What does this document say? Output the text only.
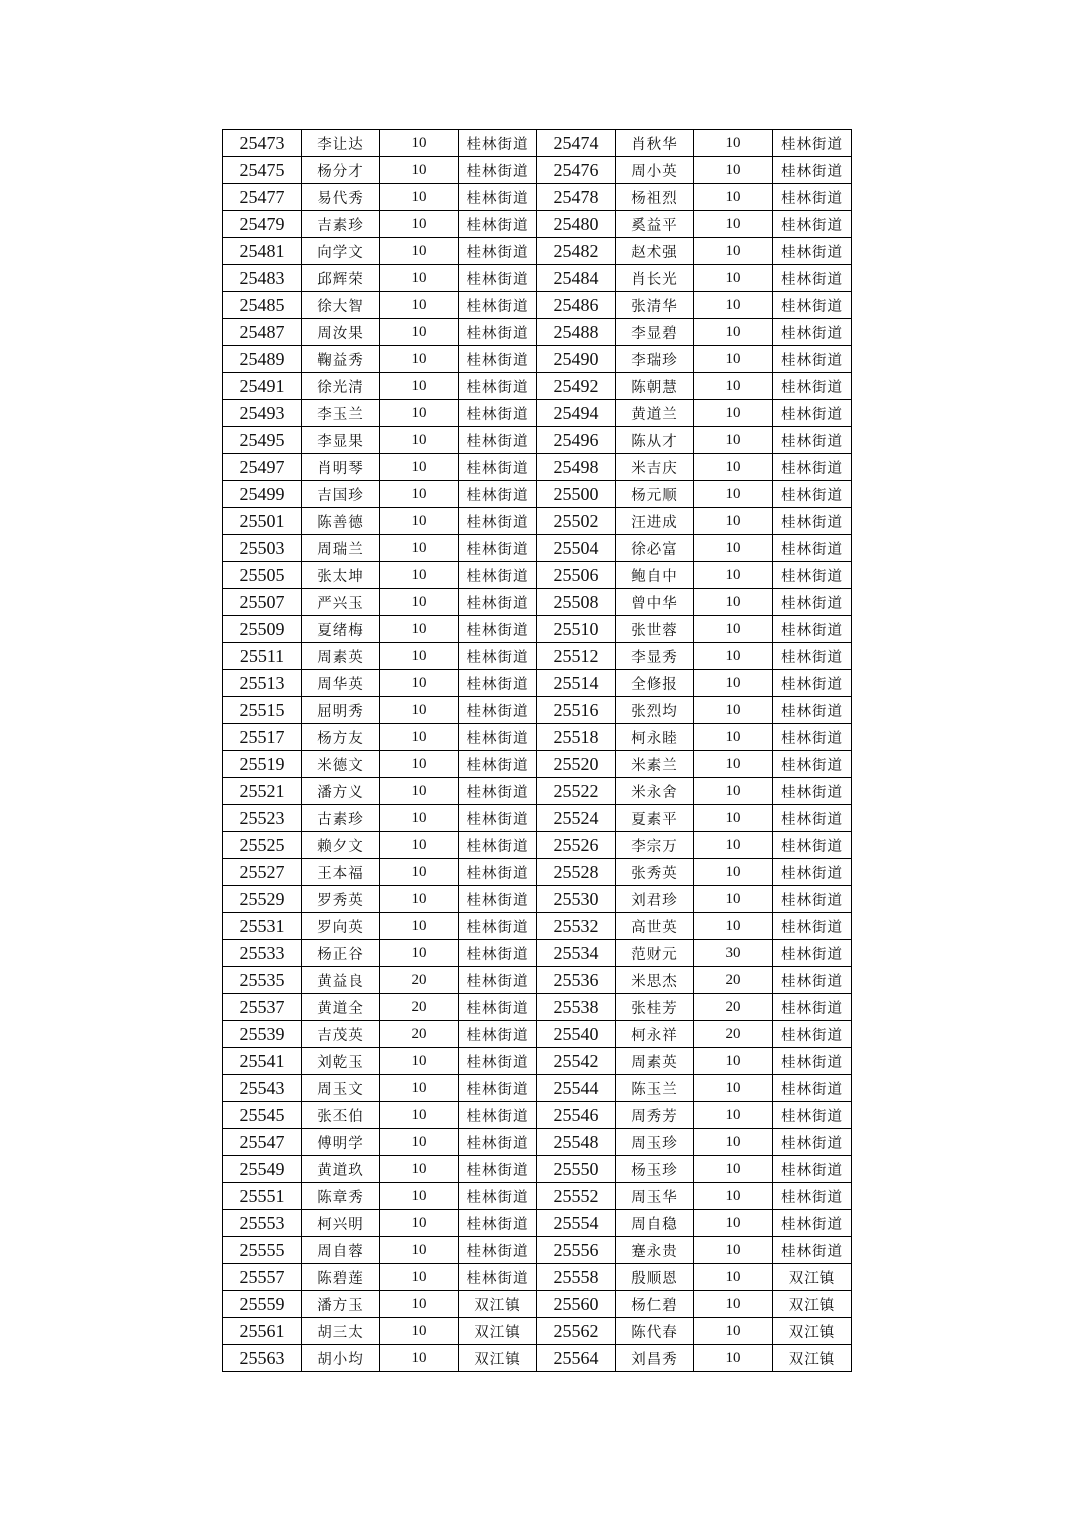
25473	李让达	10	桂林街道	25474	肖秋华	10	桂林街道
25475	杨分才	10	桂林街道	25476	周小英	10	桂林街道
25477	易代秀	10	桂林街道	25478	杨祖烈	10	桂林街道
25479	吉素珍	10	桂林街道	25480	奚益平	10	桂林街道
25481	向学文	10	桂林街道	25482	赵术强	10	桂林街道
25483	邱辉荣	10	桂林街道	25484	肖长光	10	桂林街道
25485	徐大智	10	桂林街道	25486	张清华	10	桂林街道
25487	周汝果	10	桂林街道	25488	李显碧	10	桂林街道
25489	鞠益秀	10	桂林街道	25490	李瑞珍	10	桂林街道
25491	徐光清	10	桂林街道	25492	陈朝慧	10	桂林街道
25493	李玉兰	10	桂林街道	25494	黄道兰	10	桂林街道
25495	李显果	10	桂林街道	25496	陈从才	10	桂林街道
25497	肖明琴	10	桂林街道	25498	米吉庆	10	桂林街道
25499	吉国珍	10	桂林街道	25500	杨元顺	10	桂林街道
25501	陈善德	10	桂林街道	25502	汪进成	10	桂林街道
25503	周瑞兰	10	桂林街道	25504	徐必富	10	桂林街道
25505	张太坤	10	桂林街道	25506	鲍自中	10	桂林街道
25507	严兴玉	10	桂林街道	25508	曾中华	10	桂林街道
25509	夏绪梅	10	桂林街道	25510	张世蓉	10	桂林街道
25511	周素英	10	桂林街道	25512	李显秀	10	桂林街道
25513	周华英	10	桂林街道	25514	全修报	10	桂林街道
25515	屈明秀	10	桂林街道	25516	张烈均	10	桂林街道
25517	杨方友	10	桂林街道	25518	柯永睦	10	桂林街道
25519	米德文	10	桂林街道	25520	米素兰	10	桂林街道
25521	潘方义	10	桂林街道	25522	米永舍	10	桂林街道
25523	古素珍	10	桂林街道	25524	夏素平	10	桂林街道
25525	赖夕文	10	桂林街道	25526	李宗万	10	桂林街道
25527	王本福	10	桂林街道	25528	张秀英	10	桂林街道
25529	罗秀英	10	桂林街道	25530	刘君珍	10	桂林街道
25531	罗向英	10	桂林街道	25532	高世英	10	桂林街道
25533	杨正谷	10	桂林街道	25534	范财元	30	桂林街道
25535	黄益良	20	桂林街道	25536	米思杰	20	桂林街道
25537	黄道全	20	桂林街道	25538	张桂芳	20	桂林街道
25539	吉茂英	20	桂林街道	25540	柯永祥	20	桂林街道
25541	刘乾玉	10	桂林街道	25542	周素英	10	桂林街道
25543	周玉文	10	桂林街道	25544	陈玉兰	10	桂林街道
25545	张丕伯	10	桂林街道	25546	周秀芳	10	桂林街道
25547	傅明学	10	桂林街道	25548	周玉珍	10	桂林街道
25549	黄道玖	10	桂林街道	25550	杨玉珍	10	桂林街道
25551	陈章秀	10	桂林街道	25552	周玉华	10	桂林街道
25553	柯兴明	10	桂林街道	25554	周自稳	10	桂林街道
25555	周自蓉	10	桂林街道	25556	蹇永贵	10	桂林街道
25557	陈碧莲	10	桂林街道	25558	殷顺恩	10	双江镇
25559	潘方玉	10	双江镇	25560	杨仁碧	10	双江镇
25561	胡三太	10	双江镇	25562	陈代春	10	双江镇
25563	胡小均	10	双江镇	25564	刘昌秀	10	双江镇
